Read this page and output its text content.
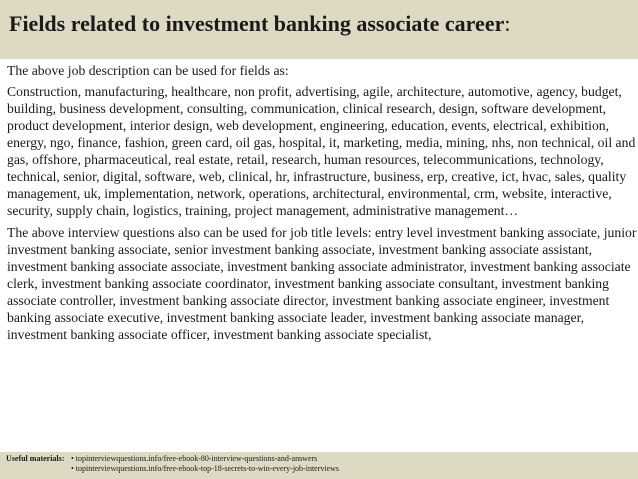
Fields related to investment banking associate career:

The above job description can be used for fields as:

Construction, manufacturing, healthcare, non profit, advertising, agile, architecture, automotive, agency, budget, building, business development, consulting, communication, clinical research, design, software development, product development, interior design, web development, engineering, education, events, electrical, exhibition, energy, ngo, finance, fashion, green card, oil gas, hospital, it, marketing, media, mining, nhs, non technical, oil and gas, offshore, pharmaceutical, real estate, retail, research, human resources, telecommunications, technology, technical, senior, digital, software, web, clinical, hr, infrastructure, business, erp, creative, ict, hvac, sales, quality management, uk, implementation, network, operations, architectural, environmental, crm, website, interactive, security, supply chain, logistics, training, project management, administrative management…

The above interview questions also can be used for job title levels: entry level investment banking associate, junior investment banking associate, senior investment banking associate, investment banking associate assistant, investment banking associate associate, investment banking associate administrator, investment banking associate clerk, investment banking associate coordinator, investment banking associate consultant, investment banking associate controller, investment banking associate director, investment banking associate engineer, investment banking associate executive, investment banking associate leader, investment banking associate manager, investment banking associate officer, investment banking associate specialist,

Useful materials: • topinterviewquestions.info/free-ebook-80-interview-questions-and-answers
• topinterviewquestions.info/free-ebook-top-18-secrets-to-win-every-job-interviews
